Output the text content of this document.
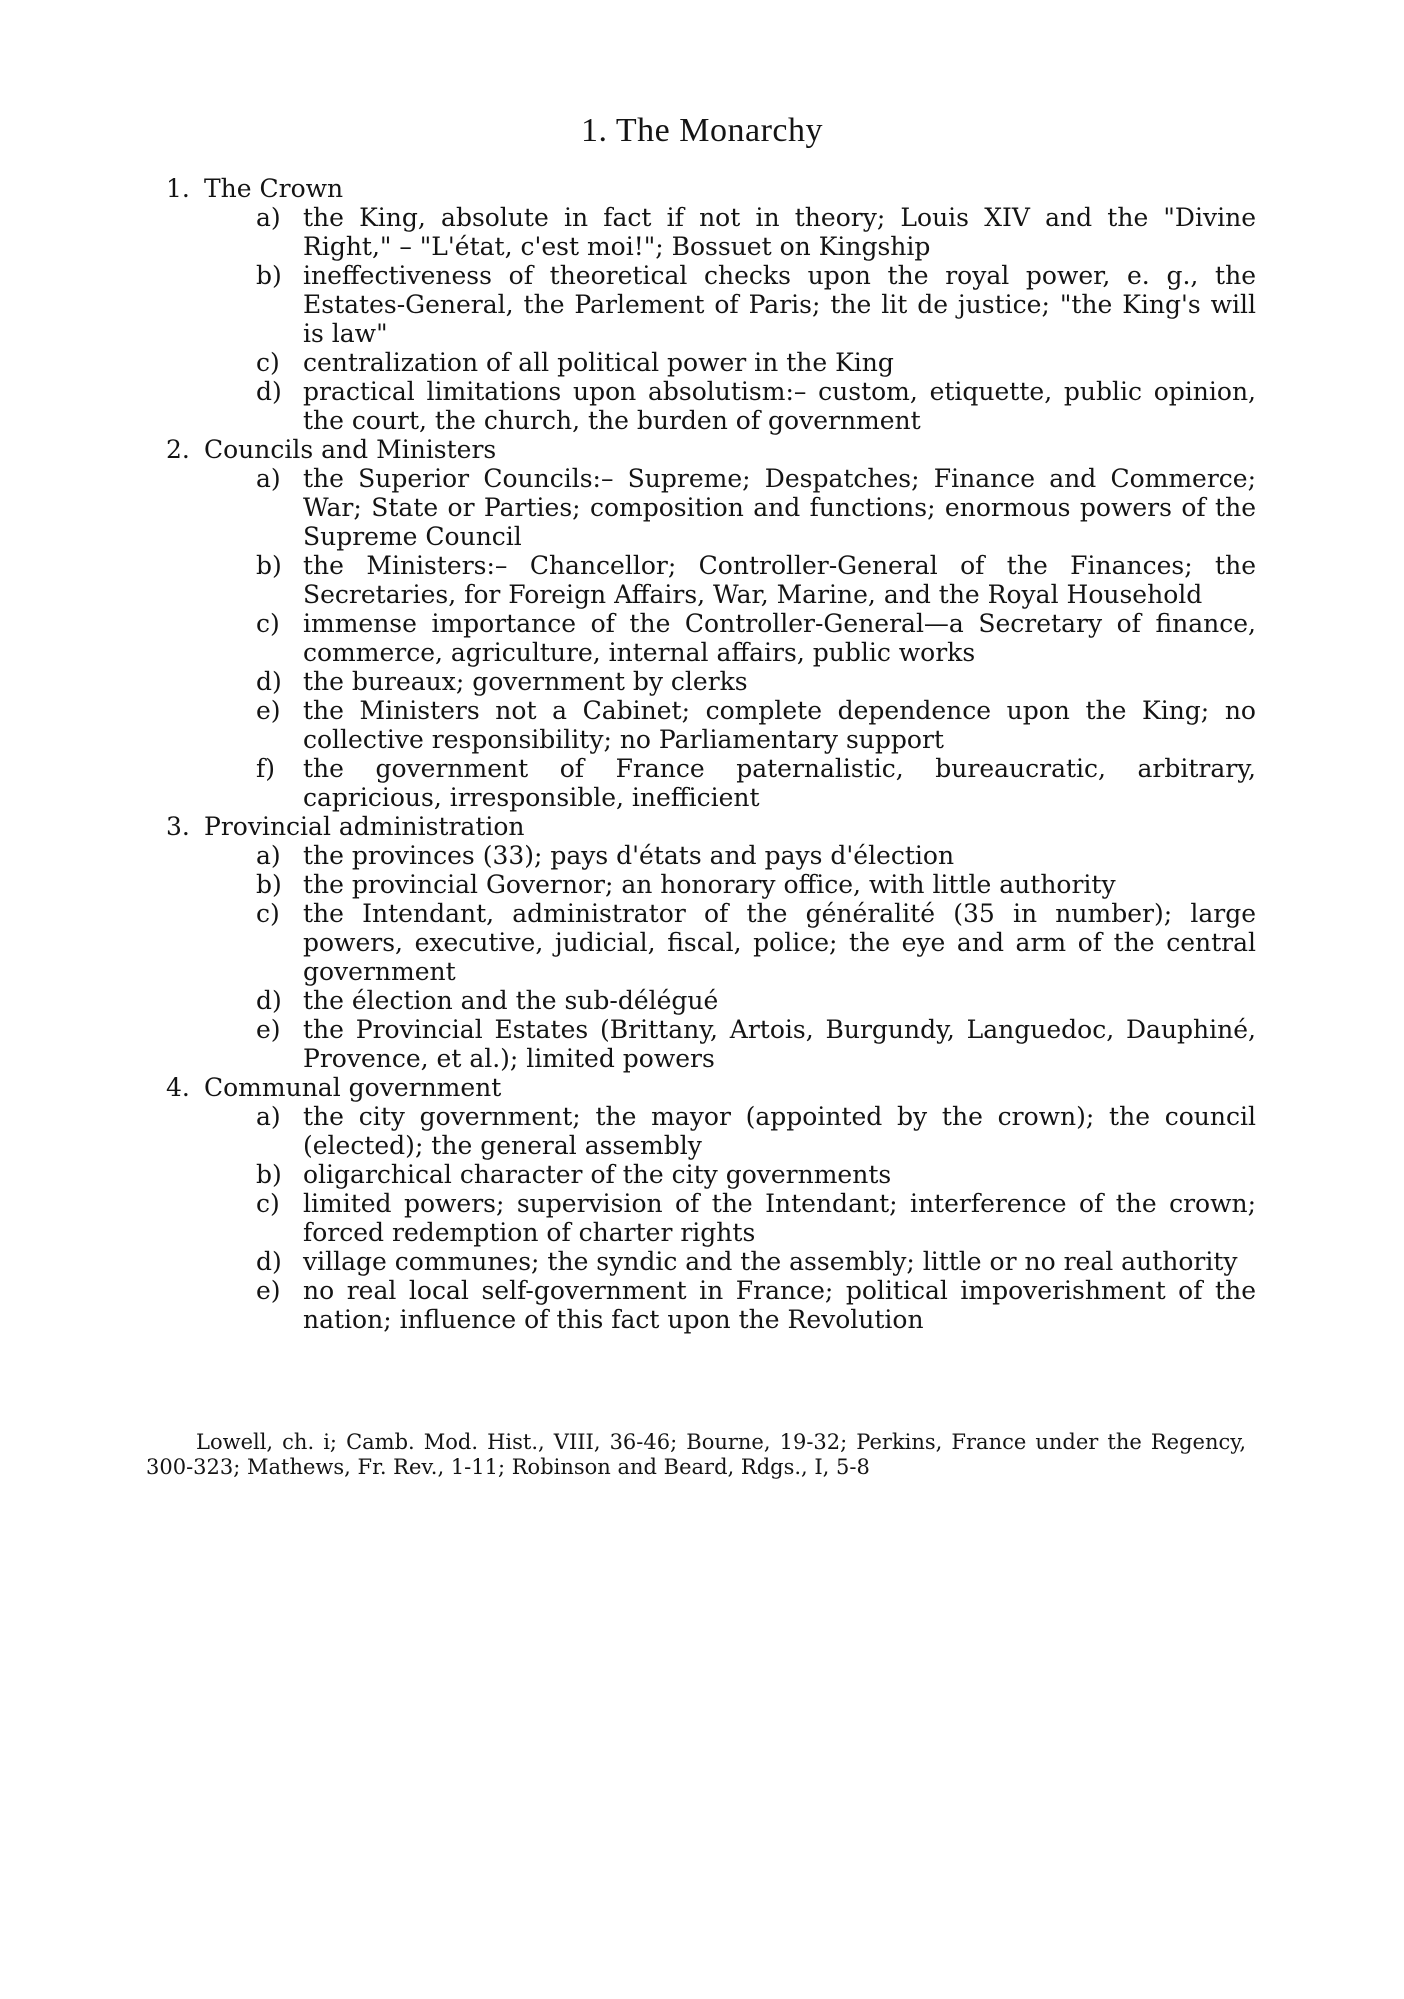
1. The Monarchy
1. The Crown
a) the King, absolute in fact if not in theory; Louis XIV and the "Divine Right," – "L'état, c'est moi!"; Bossuet on Kingship
b) ineffectiveness of theoretical checks upon the royal power, e. g., the Estates-General, the Parlement of Paris; the lit de justice; "the King's will is law"
c) centralization of all political power in the King
d) practical limitations upon absolutism:– custom, etiquette, public opinion, the court, the church, the burden of government
2. Councils and Ministers
a) the Superior Councils:– Supreme; Despatches; Finance and Commerce; War; State or Parties; composition and functions; enormous powers of the Supreme Council
b) the Ministers:– Chancellor; Controller-General of the Finances; the Secretaries, for Foreign Affairs, War, Marine, and the Royal Household
c) immense importance of the Controller-General—a Secretary of finance, commerce, agriculture, internal affairs, public works
d) the bureaux; government by clerks
e) the Ministers not a Cabinet; complete dependence upon the King; no collective responsibility; no Parliamentary support
f) the government of France paternalistic, bureaucratic, arbitrary, capricious, irresponsible, inefficient
3. Provincial administration
a) the provinces (33); pays d'états and pays d'élection
b) the provincial Governor; an honorary office, with little authority
c) the Intendant, administrator of the généralité (35 in number); large powers, executive, judicial, fiscal, police; the eye and arm of the central government
d) the élection and the sub-délégué
e) the Provincial Estates (Brittany, Artois, Burgundy, Languedoc, Dauphiné, Provence, et al.); limited powers
4. Communal government
a) the city government; the mayor (appointed by the crown); the council (elected); the general assembly
b) oligarchical character of the city governments
c) limited powers; supervision of the Intendant; interference of the crown; forced redemption of charter rights
d) village communes; the syndic and the assembly; little or no real authority
e) no real local self-government in France; political impoverishment of the nation; influence of this fact upon the Revolution
Lowell, ch. i; Camb. Mod. Hist., VIII, 36-46; Bourne, 19-32; Perkins, France under the Regency, 300-323; Mathews, Fr. Rev., 1-11; Robinson and Beard, Rdgs., I, 5-8
